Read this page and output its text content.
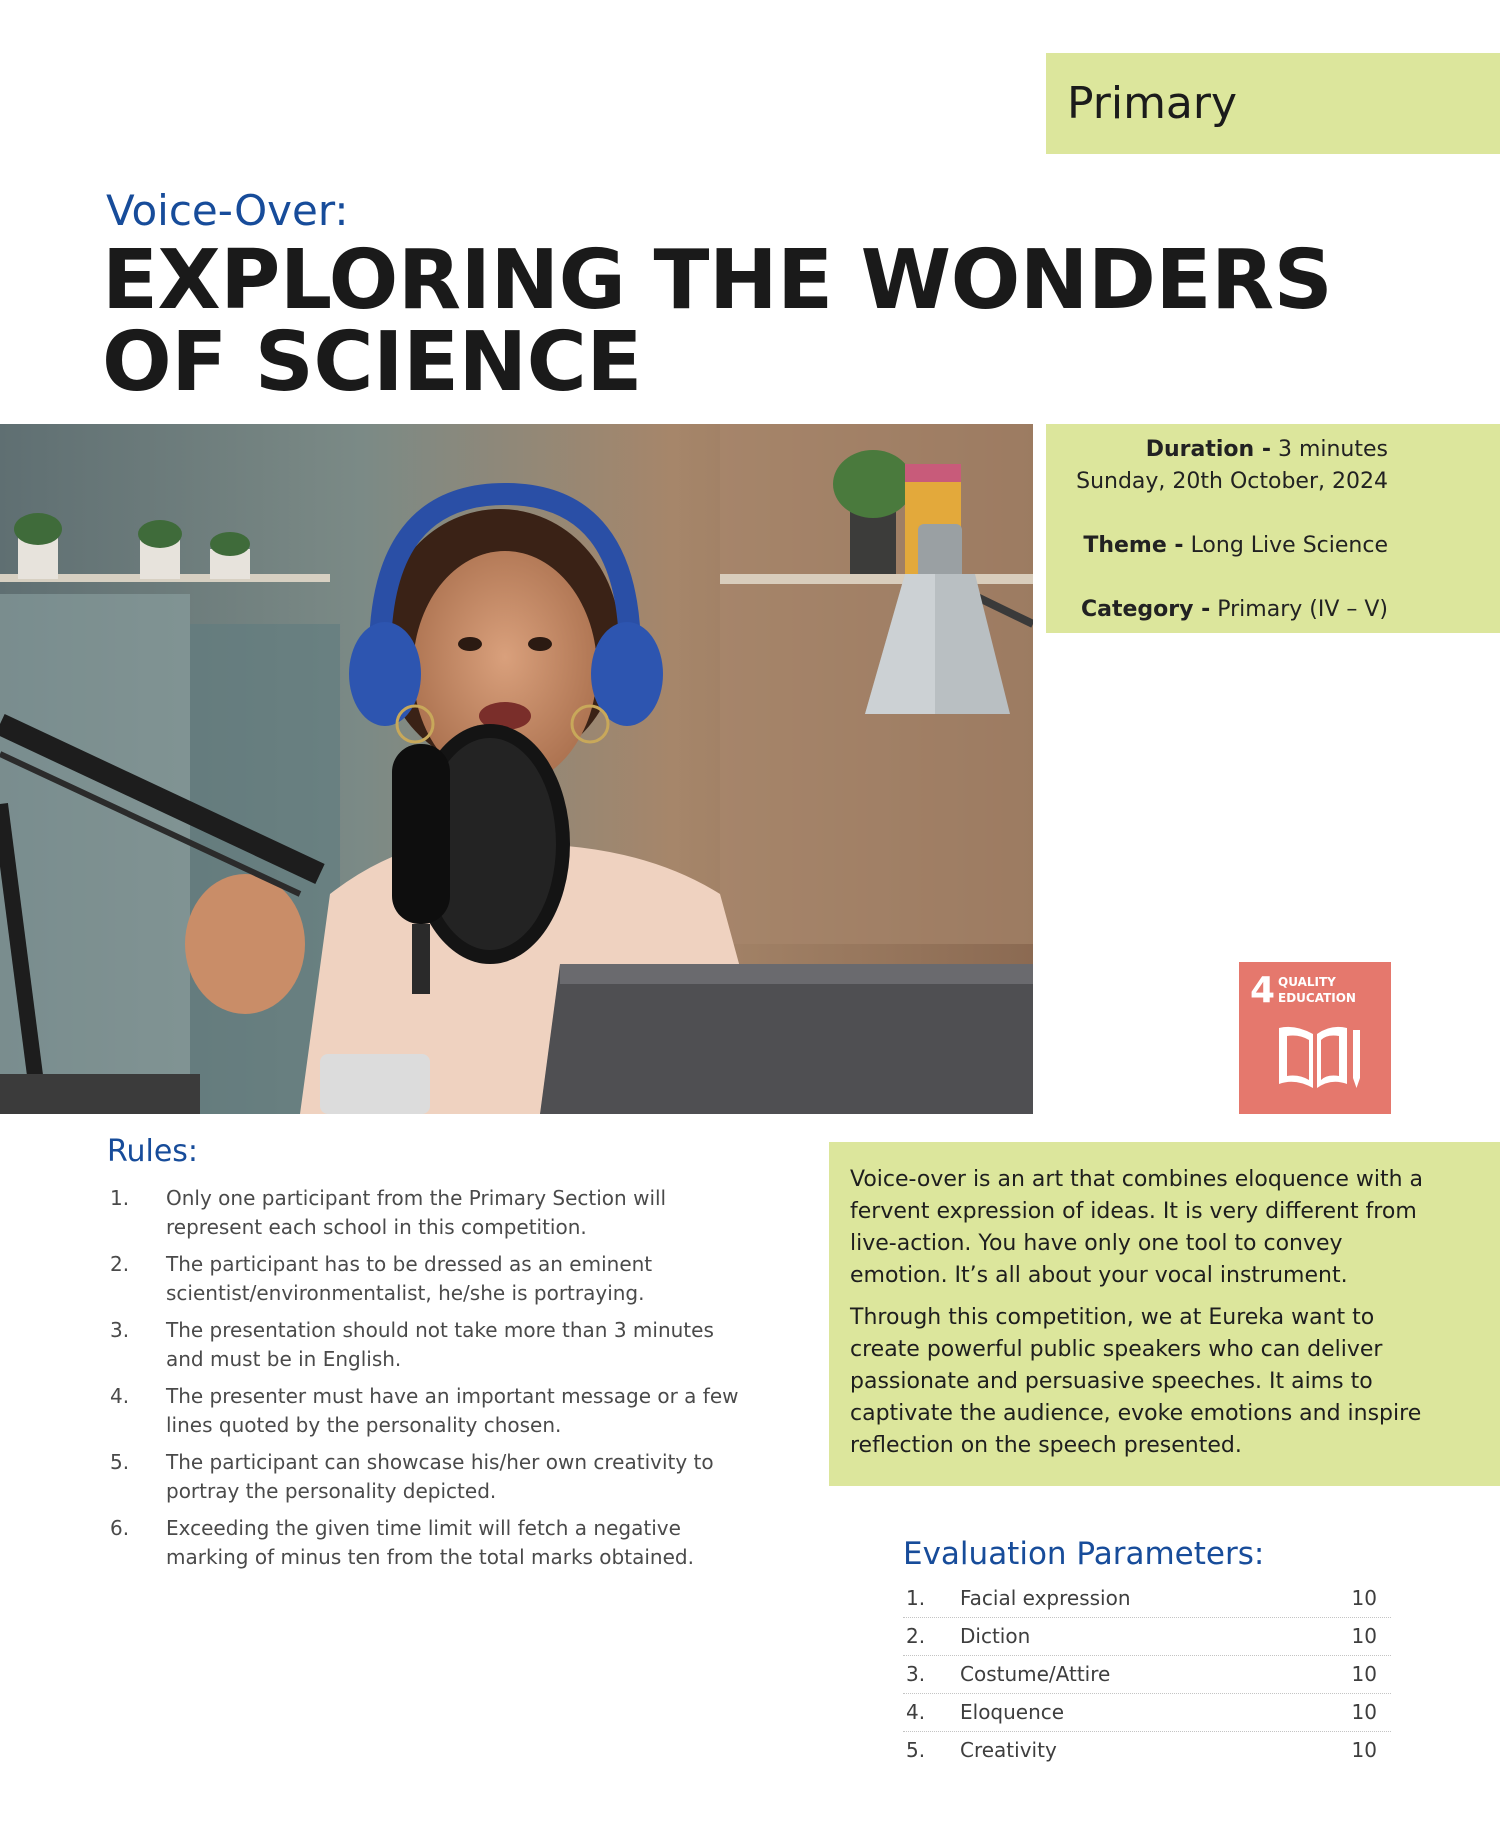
Primary
Voice-Over:
EXPLORING THE WONDERS OF SCIENCE
Duration - 3 minutes
Sunday, 20th October, 2024
Theme - Long Live Science
Category - Primary (IV – V)
4 QUALITY
EDUCATION
Rules:
1. Only one participant from the Primary Section will represent each school in this competition.
2. The participant has to be dressed as an eminent scientist/environmentalist, he/she is portraying.
3. The presentation should not take more than 3 minutes and must be in English.
4. The presenter must have an important message or a few lines quoted by the personality chosen.
5. The participant can showcase his/her own creativity to portray the personality depicted.
6. Exceeding the given time limit will fetch a negative marking of minus ten from the total marks obtained.

Voice-over is an art that combines eloquence with a fervent expression of ideas. It is very different from live-action. You have only one tool to convey emotion. It’s all about your vocal instrument.

Through this competition, we at Eureka want to create powerful public speakers who can deliver passionate and persuasive speeches. It aims to captivate the audience, evoke emotions and inspire reflection on the speech presented.

Evaluation Parameters:
1. Facial expression	10
2. Diction	10
3. Costume/Attire	10
4. Eloquence	10
5. Creativity	10
